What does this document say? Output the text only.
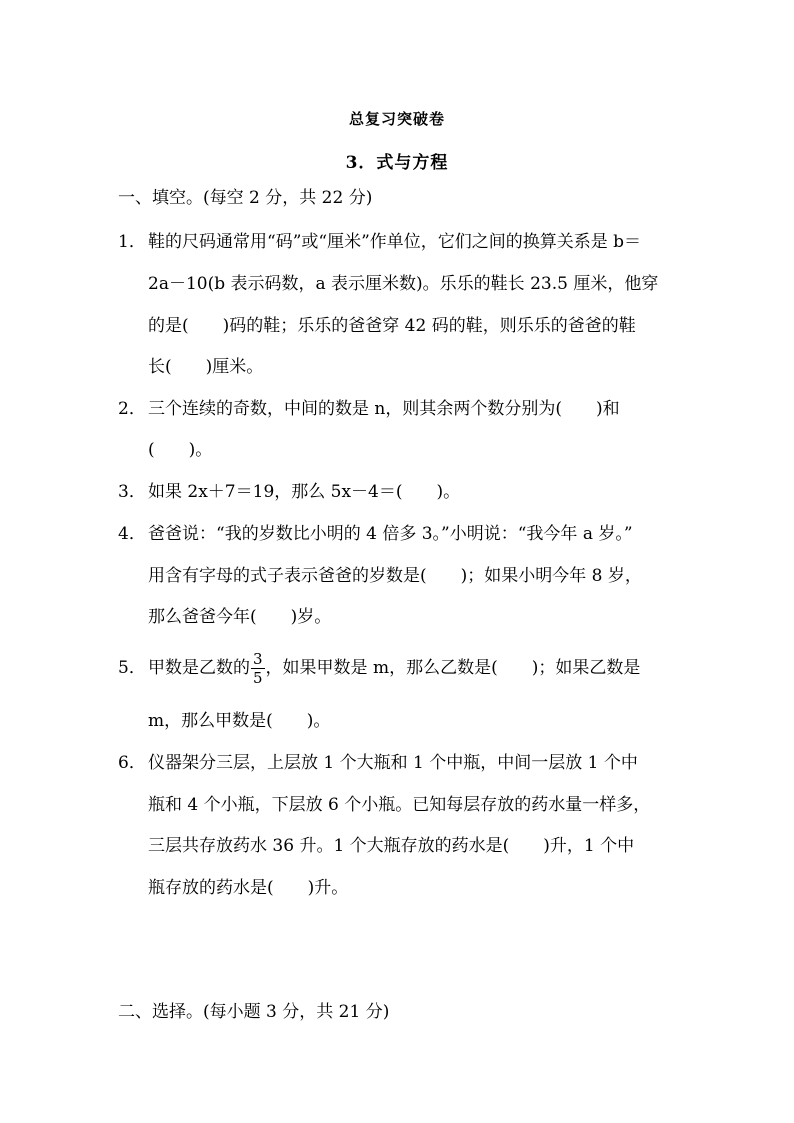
总复习突破卷
3．式与方程
一、填空。(每空 2 分，共 22 分)
1． 鞋的尺码通常用“码”或“厘米”作单位，它们之间的换算关系是 b＝
2a－10(b 表示码数，a 表示厘米数)。乐乐的鞋长 23.5 厘米，他穿
的是(　　)码的鞋；乐乐的爸爸穿 42 码的鞋，则乐乐的爸爸的鞋
长(　　)厘米。
2． 三个连续的奇数，中间的数是 n，则其余两个数分别为(　　)和
(　　)。
3． 如果 2x＋7＝19，那么 5x－4＝(　　)。
4． 爸爸说：“我的岁数比小明的 4 倍多 3。”小明说：“我今年 a 岁。”
用含有字母的式子表示爸爸的岁数是(　　)；如果小明今年 8 岁，
那么爸爸今年(　　)岁。
5． 甲数是乙数的 $\frac{3}{5}$ ，如果甲数是 m，那么乙数是(　　)；如果乙数是
m，那么甲数是(　　)。
6． 仪器架分三层，上层放 1 个大瓶和 1 个中瓶，中间一层放 1 个中
瓶和 4 个小瓶，下层放 6 个小瓶。已知每层存放的药水量一样多，
三层共存放药水 36 升。1 个大瓶存放的药水是(　　)升，1 个中
瓶存放的药水是(　　)升。
二、选择。(每小题 3 分，共 21 分)
